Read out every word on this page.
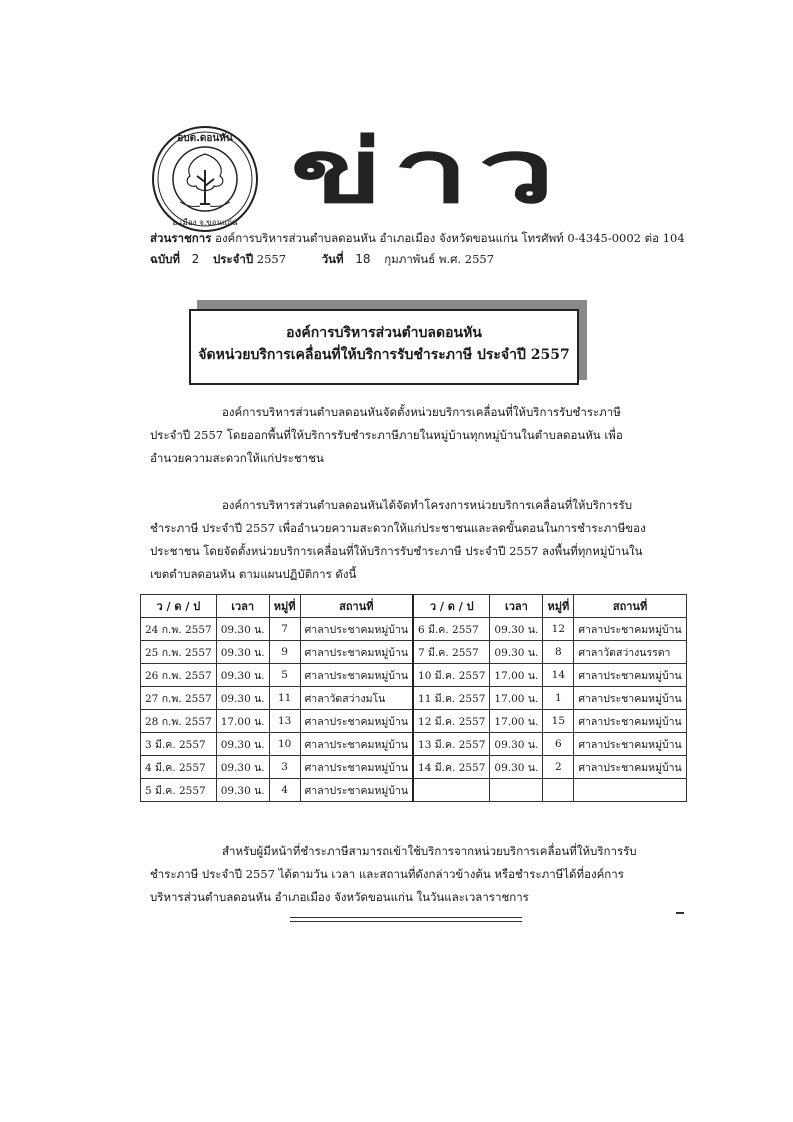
อบต.ดอนหัน
อ.เมือง จ.ขอนแก่น ข่าว
ส่วนราชการ องค์การบริหารส่วนตำบลดอนหัน อำเภอเมือง จังหวัดขอนแก่น โทรศัพท์ 0-4345-0002 ต่อ 104
ฉบับที่ 2 ประจำปี 2557	วันที่ 18 กุมภาพันธ์ พ.ศ. 2557
องค์การบริหารส่วนตำบลดอนหัน
จัดหน่วยบริการเคลื่อนที่ให้บริการรับชำระภาษี ประจำปี 2557
องค์การบริหารส่วนตำบลดอนหันจัดตั้งหน่วยบริการเคลื่อนที่ให้บริการรับชำระภาษี ประจำปี 2557 โดยออกพื้นที่ให้บริการรับชำระภาษีภายในหมู่บ้านทุกหมู่บ้านในตำบลดอนหัน เพื่ออำนวยความสะดวกให้แก่ประชาชน
องค์การบริหารส่วนตำบลดอนหันได้จัดทำโครงการหน่วยบริการเคลื่อนที่ให้บริการรับชำระภาษี ประจำปี 2557 เพื่ออำนวยความสะดวกให้แก่ประชาชนและลดขั้นตอนในการชำระภาษีของประชาชน โดยจัดตั้งหน่วยบริการเคลื่อนที่ให้บริการรับชำระภาษี ประจำปี 2557 ลงพื้นที่ทุกหมู่บ้านในเขตตำบลดอนหัน ตามแผนปฏิบัติการ ดังนี้
ว / ด / ป	เวลา	หมู่ที่	สถานที่	ว / ด / ป	เวลา	หมู่ที่	สถานที่
24 ก.พ. 2557	09.30 น.	7	ศาลาประชาคมหมู่บ้าน	6 มี.ค. 2557	09.30 น.	12	ศาลาประชาคมหมู่บ้าน
25 ก.พ. 2557	09.30 น.	9	ศาลาประชาคมหมู่บ้าน	7 มี.ค. 2557	09.30 น.	8	ศาลาวัดสว่างนรรตา
26 ก.พ. 2557	09.30 น.	5	ศาลาประชาคมหมู่บ้าน	10 มี.ค. 2557	17.00 น.	14	ศาลาประชาคมหมู่บ้าน
27 ก.พ. 2557	09.30 น.	11	ศาลาวัดสว่างมโน	11 มี.ค. 2557	17.00 น.	1	ศาลาประชาคมหมู่บ้าน
28 ก.พ. 2557	17.00 น.	13	ศาลาประชาคมหมู่บ้าน	12 มี.ค. 2557	17.00 น.	15	ศาลาประชาคมหมู่บ้าน
3 มี.ค. 2557	09.30 น.	10	ศาลาประชาคมหมู่บ้าน	13 มี.ค. 2557	09.30 น.	6	ศาลาประชาคมหมู่บ้าน
4 มี.ค. 2557	09.30 น.	3	ศาลาประชาคมหมู่บ้าน	14 มี.ค. 2557	09.30 น.	2	ศาลาประชาคมหมู่บ้าน
5 มี.ค. 2557	09.30 น.	4	ศาลาประชาคมหมู่บ้าน				
สำหรับผู้มีหน้าที่ชำระภาษีสามารถเข้าใช้บริการจากหน่วยบริการเคลื่อนที่ให้บริการรับชำระภาษี ประจำปี 2557 ได้ตามวัน เวลา และสถานที่ดังกล่าวข้างต้น หรือชำระภาษีได้ที่องค์การบริหารส่วนตำบลดอนหัน อำเภอเมือง จังหวัดขอนแก่น ในวันและเวลาราชการ
